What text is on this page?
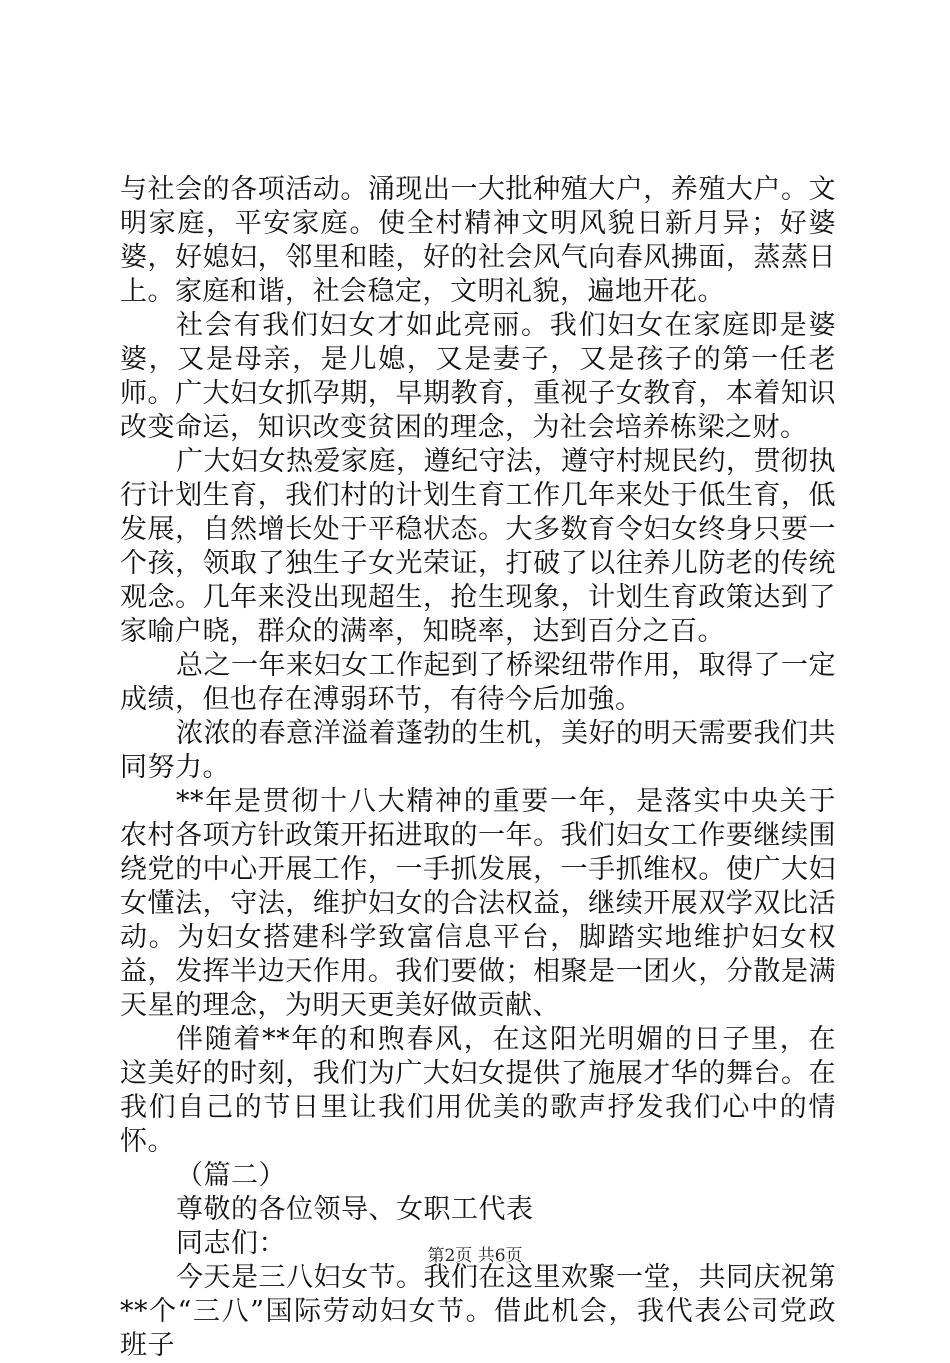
与社会的各项活动。涌现出一大批种殖大户，养殖大户。文明家庭，平安家庭。使全村精神文明风貌日新月异；好婆婆，好媳妇，邻里和睦，好的社会风气向春风拂面，蒸蒸日上。家庭和谐，社会稳定，文明礼貌，遍地开花。

社会有我们妇女才如此亮丽。我们妇女在家庭即是婆婆，又是母亲，是儿媳，又是妻子，又是孩子的第一任老师。广大妇女抓孕期，早期教育，重视子女教育，本着知识改变命运，知识改变贫困的理念，为社会培养栋梁之财。

广大妇女热爱家庭，遵纪守法，遵守村规民约，贯彻执行计划生育，我们村的计划生育工作几年来处于低生育，低发展，自然增长处于平稳状态。大多数育令妇女终身只要一个孩，领取了独生子女光荣证，打破了以往养儿防老的传统观念。几年来没出现超生，抢生现象，计划生育政策达到了家喻户晓，群众的满率，知晓率，达到百分之百。

总之一年来妇女工作起到了桥梁纽带作用，取得了一定成绩，但也存在溥弱环节，有待今后加強。

浓浓的春意洋溢着蓬勃的生机，美好的明天需要我们共同努力。

**年是贯彻十八大精神的重要一年，是落实中央关于农村各项方针政策开拓进取的一年。我们妇女工作要继续围绕党的中心开展工作，一手抓发展，一手抓维权。使广大妇女懂法，守法，维护妇女的合法权益，继续开展双学双比活动。为妇女搭建科学致富信息平台，脚踏实地维护妇女权益，发挥半边天作用。我们要做；相聚是一团火，分散是满天星的理念，为明天更美好做贡献、

伴随着**年的和煦春风，在这阳光明媚的日子里，在这美好的时刻，我们为广大妇女提供了施展才华的舞台。在我们自己的节日里让我们用优美的歌声抒发我们心中的情怀。

（篇二）

尊敬的各位领导、女职工代表

同志们：

今天是三八妇女节。我们在这里欢聚一堂，共同庆祝第**个“三八”国际劳动妇女节。借此机会，我代表公司党政班子

第2页 共6页
